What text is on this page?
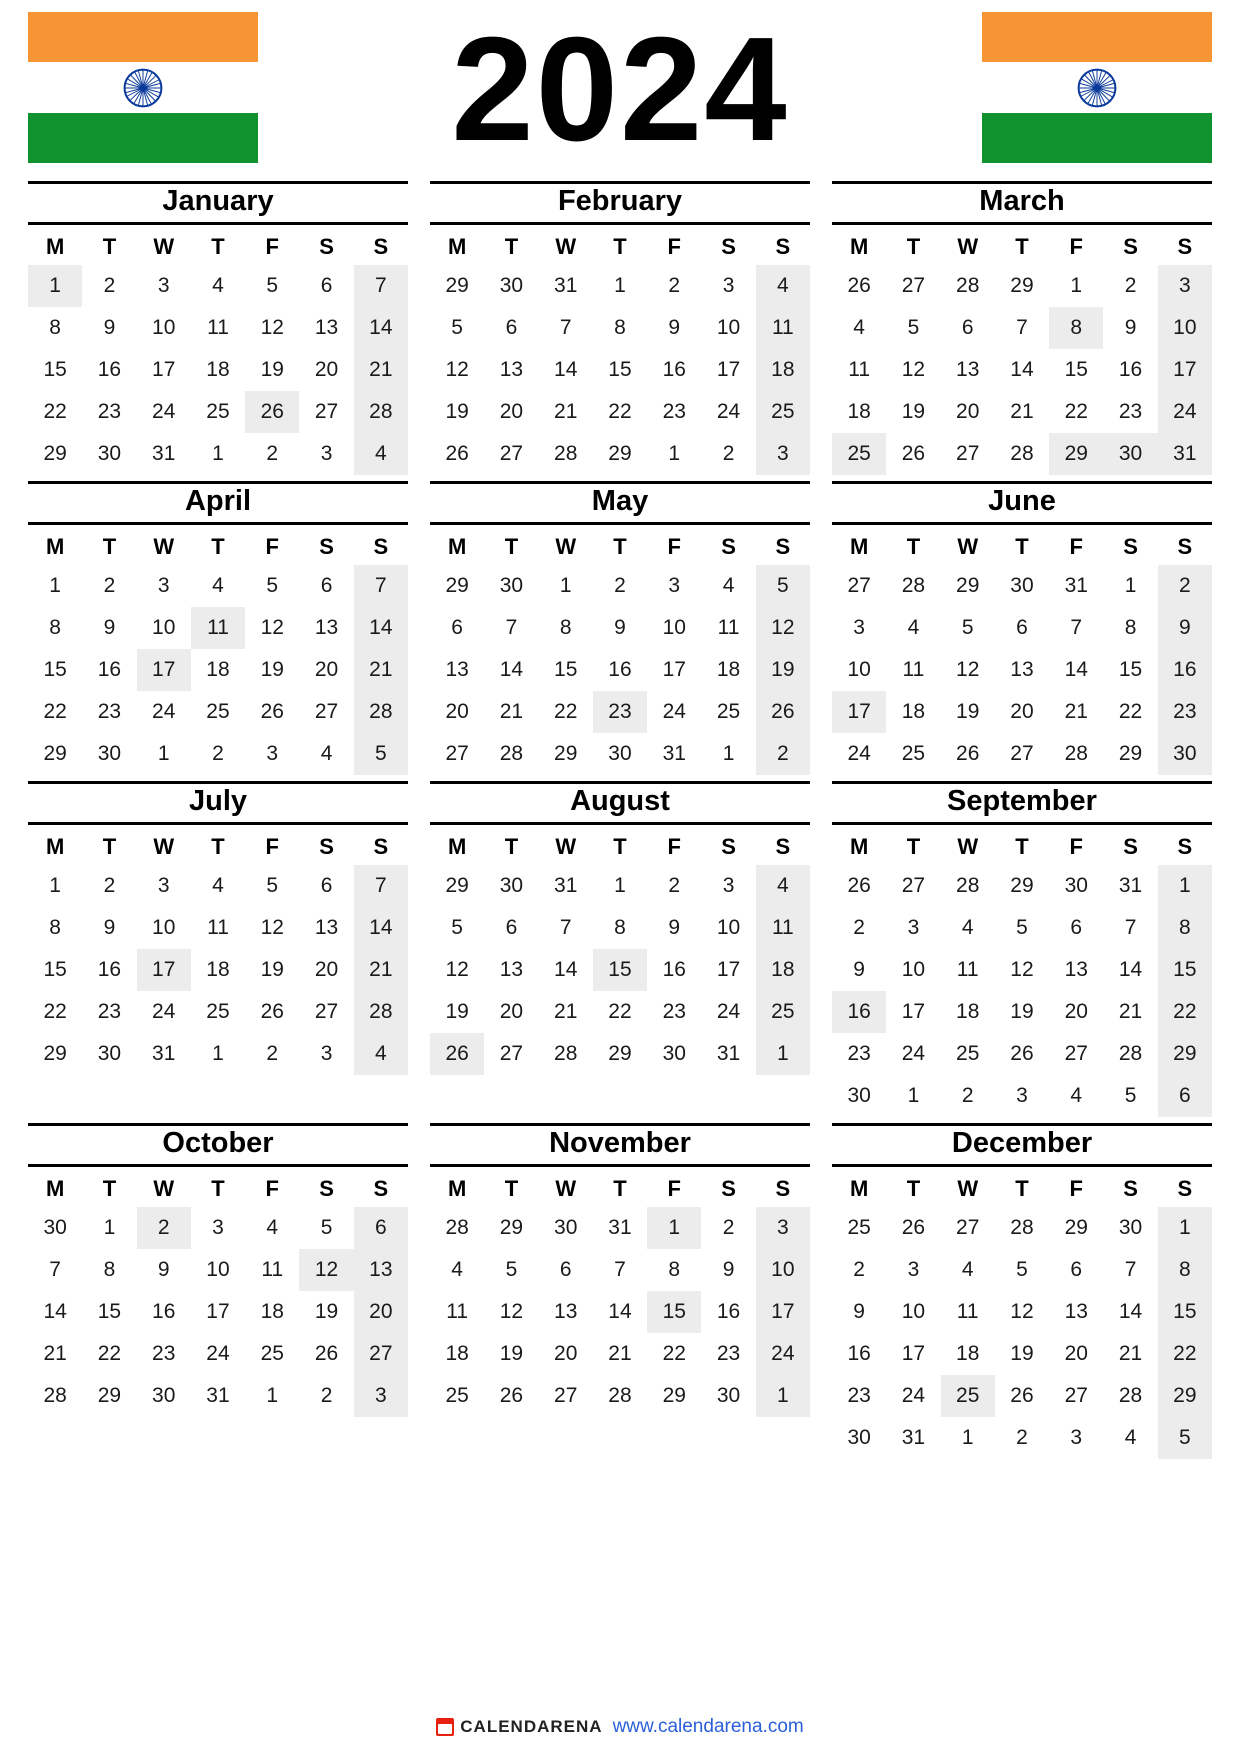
2024
January
M	T	W	T	F	S	S
1	2	3	4	5	6	7
8	9	10	11	12	13	14
15	16	17	18	19	20	21
22	23	24	25	26	27	28
29	30	31	1	2	3	4
February
M	T	W	T	F	S	S
29	30	31	1	2	3	4
5	6	7	8	9	10	11
12	13	14	15	16	17	18
19	20	21	22	23	24	25
26	27	28	29	1	2	3
March
M	T	W	T	F	S	S
26	27	28	29	1	2	3
4	5	6	7	8	9	10
11	12	13	14	15	16	17
18	19	20	21	22	23	24
25	26	27	28	29	30	31
April
M	T	W	T	F	S	S
1	2	3	4	5	6	7
8	9	10	11	12	13	14
15	16	17	18	19	20	21
22	23	24	25	26	27	28
29	30	1	2	3	4	5
May
M	T	W	T	F	S	S
29	30	1	2	3	4	5
6	7	8	9	10	11	12
13	14	15	16	17	18	19
20	21	22	23	24	25	26
27	28	29	30	31	1	2
June
M	T	W	T	F	S	S
27	28	29	30	31	1	2
3	4	5	6	7	8	9
10	11	12	13	14	15	16
17	18	19	20	21	22	23
24	25	26	27	28	29	30
July
M	T	W	T	F	S	S
1	2	3	4	5	6	7
8	9	10	11	12	13	14
15	16	17	18	19	20	21
22	23	24	25	26	27	28
29	30	31	1	2	3	4
August
M	T	W	T	F	S	S
29	30	31	1	2	3	4
5	6	7	8	9	10	11
12	13	14	15	16	17	18
19	20	21	22	23	24	25
26	27	28	29	30	31	1
September
M	T	W	T	F	S	S
26	27	28	29	30	31	1
2	3	4	5	6	7	8
9	10	11	12	13	14	15
16	17	18	19	20	21	22
23	24	25	26	27	28	29
30	1	2	3	4	5	6
October
M	T	W	T	F	S	S
30	1	2	3	4	5	6
7	8	9	10	11	12	13
14	15	16	17	18	19	20
21	22	23	24	25	26	27
28	29	30	31	1	2	3
November
M	T	W	T	F	S	S
28	29	30	31	1	2	3
4	5	6	7	8	9	10
11	12	13	14	15	16	17
18	19	20	21	22	23	24
25	26	27	28	29	30	1
December
M	T	W	T	F	S	S
25	26	27	28	29	30	1
2	3	4	5	6	7	8
9	10	11	12	13	14	15
16	17	18	19	20	21	22
23	24	25	26	27	28	29
30	31	1	2	3	4	5
CALENDARENA www.calendarena.com
